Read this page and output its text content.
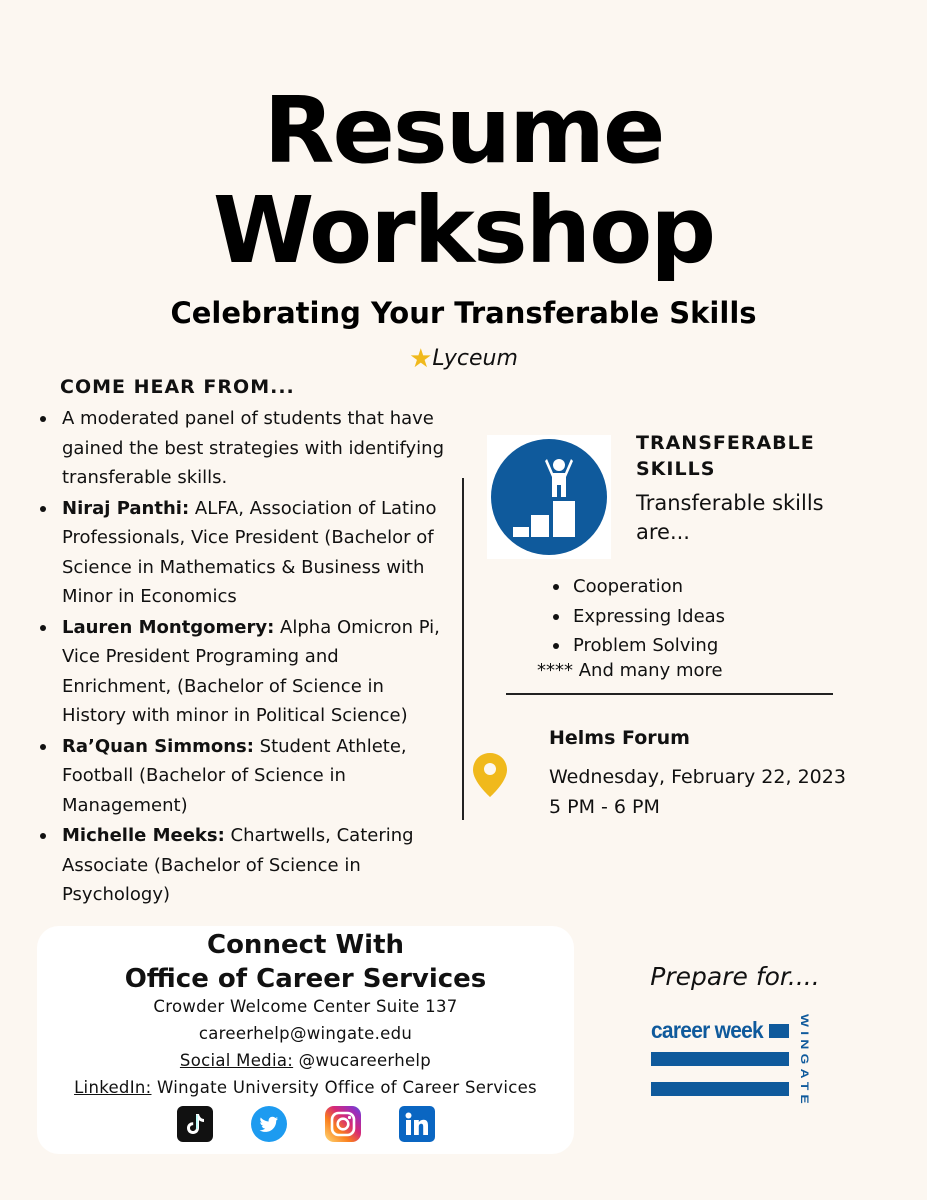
Resume
Workshop
Celebrating Your Transferable Skills
★Lyceum
COME HEAR FROM...
A moderated panel of students that have gained the best strategies with identifying transferable skills.
Niraj Panthi: ALFA, Association of Latino Professionals, Vice President (Bachelor of Science in Mathematics & Business with Minor in Economics
Lauren Montgomery: Alpha Omicron Pi, Vice President Programing and Enrichment, (Bachelor of Science in History with minor in Political Science)
Ra’Quan Simmons: Student Athlete, Football (Bachelor of Science in Management)
Michelle Meeks: Chartwells, Catering Associate (Bachelor of Science in Psychology)
TRANSFERABLE SKILLS
Transferable skills are...
Cooperation
Expressing Ideas
Problem Solving
**** And many more
Helms Forum
Wednesday, February 22, 2023
5 PM - 6 PM
Connect With
Office of Career Services
Crowder Welcome Center Suite 137
careerhelp@wingate.edu
Social Media: @wucareerhelp
LinkedIn: Wingate University Office of Career Services
Prepare for....
career week	WINGATE
